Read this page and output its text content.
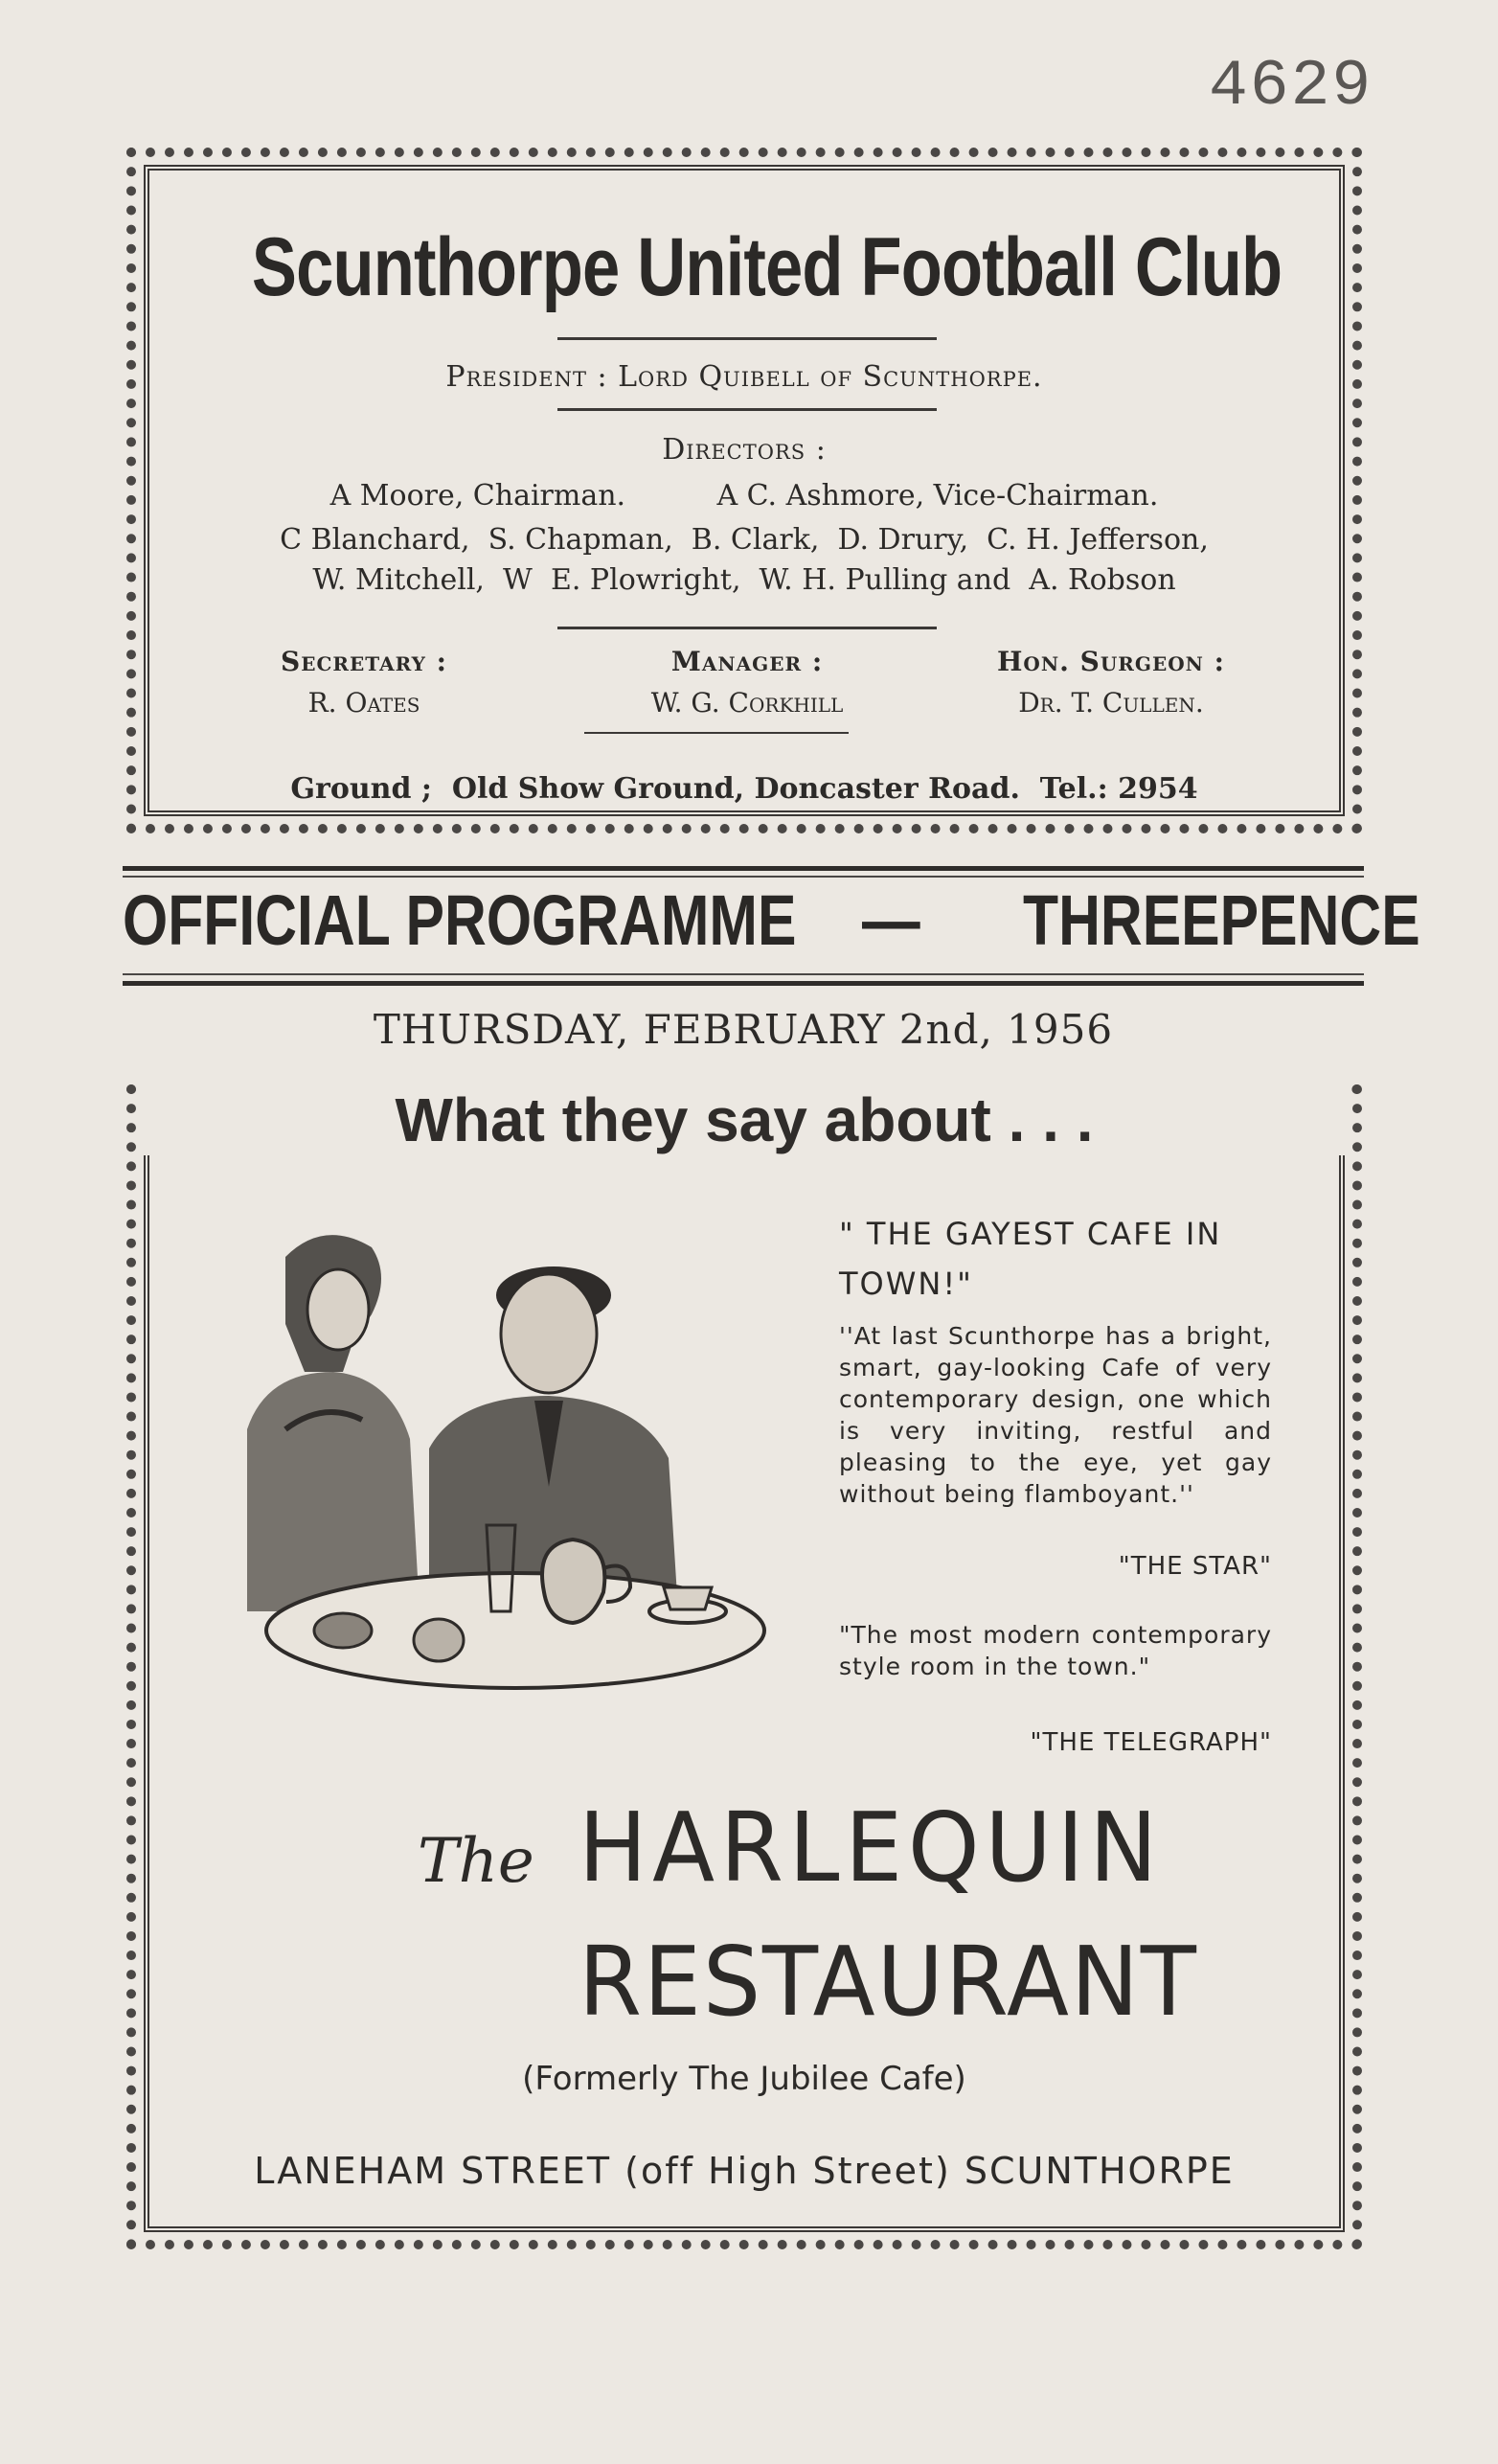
4629
Scunthorpe United Football Club
President : Lord Quibell of Scunthorpe.
Directors :
A Moore, Chairman.          A C. Ashmore, Vice-Chairman.
C Blanchard,  S. Chapman,  B. Clark,  D. Drury,  C. H. Jefferson,
W. Mitchell,  W  E. Plowright,  W. H. Pulling and  A. Robson
Secretary :
R. Oates
Manager :
W. G. Corkhill
Hon. Surgeon :
Dr. T. Cullen.
Ground ;  Old Show Ground, Doncaster Road.  Tel.: 2954
OFFICIAL PROGRAMME — THREEPENCE
THURSDAY, FEBRUARY 2nd, 1956
What they say about . . .
" THE GAYEST CAFE IN TOWN!"
''At last Scunthorpe has a bright, smart, gay-looking Cafe of very contemporary design, one which is very inviting, restful and pleasing to the eye, yet gay without being flamboyant.''
"THE STAR"
"The most modern contemporary style room in the town."
"THE TELEGRAPH"
The HARLEQUIN
RESTAURANT
(Formerly The Jubilee Cafe)
LANEHAM STREET (off High Street) SCUNTHORPE
